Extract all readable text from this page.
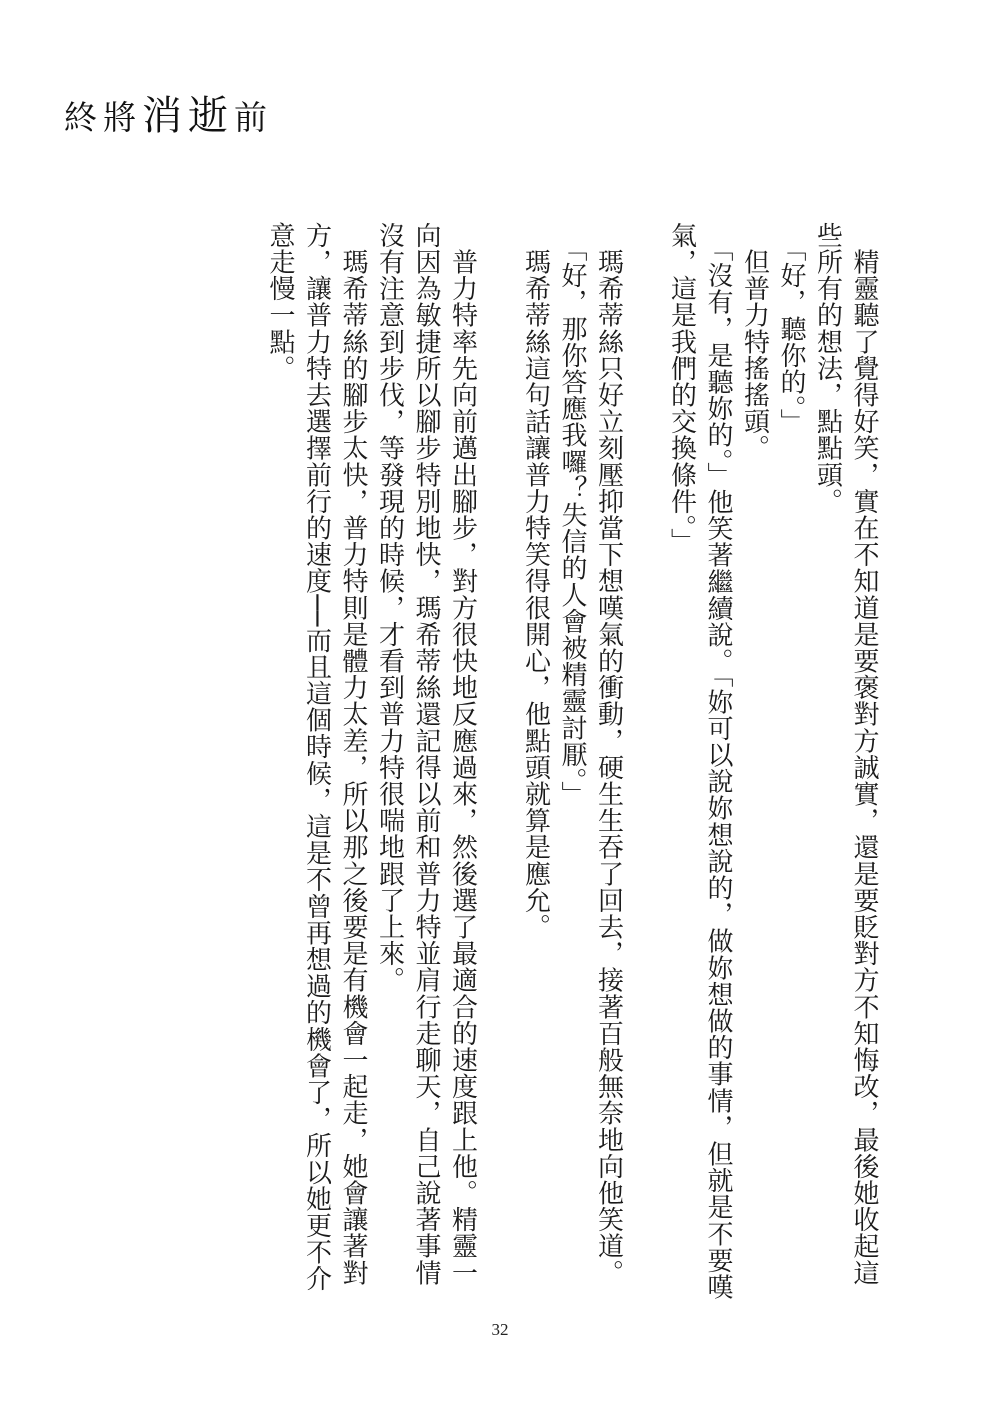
終將消逝前

　精靈聽了覺得好笑，實在不知道是要褒對方誠實，還是要貶對方不知悔改，最後她收起這些所有的想法，點點頭。

　「好，聽你的。」

　但普力特搖搖頭。

　「沒有，是聽妳的。」他笑著繼續說。「妳可以說妳想說的，做妳想做的事情，但就是不要嘆氣，這是我們的交換條件。」

　瑪希蒂絲只好立刻壓抑當下想嘆氣的衝動，硬生生吞了回去，接著百般無奈地向他笑道。

　「好，那你答應我囉？失信的人會被精靈討厭。」

　瑪希蒂絲這句話讓普力特笑得很開心，他點頭就算是應允。

　普力特率先向前邁出腳步，對方很快地反應過來，然後選了最適合的速度跟上他。精靈一向因為敏捷所以腳步特別地快，瑪希蒂絲還記得以前和普力特並肩行走聊天，自己說著事情沒有注意到步伐，等發現的時候，才看到普力特很喘地跟了上來。

　瑪希蒂絲的腳步太快，普力特則是體力太差，所以那之後要是有機會一起走，她會讓著對方，讓普力特去選擇前行的速度──而且這個時候，這是不曾再想過的機會了，所以她更不介意走慢一點。

32
